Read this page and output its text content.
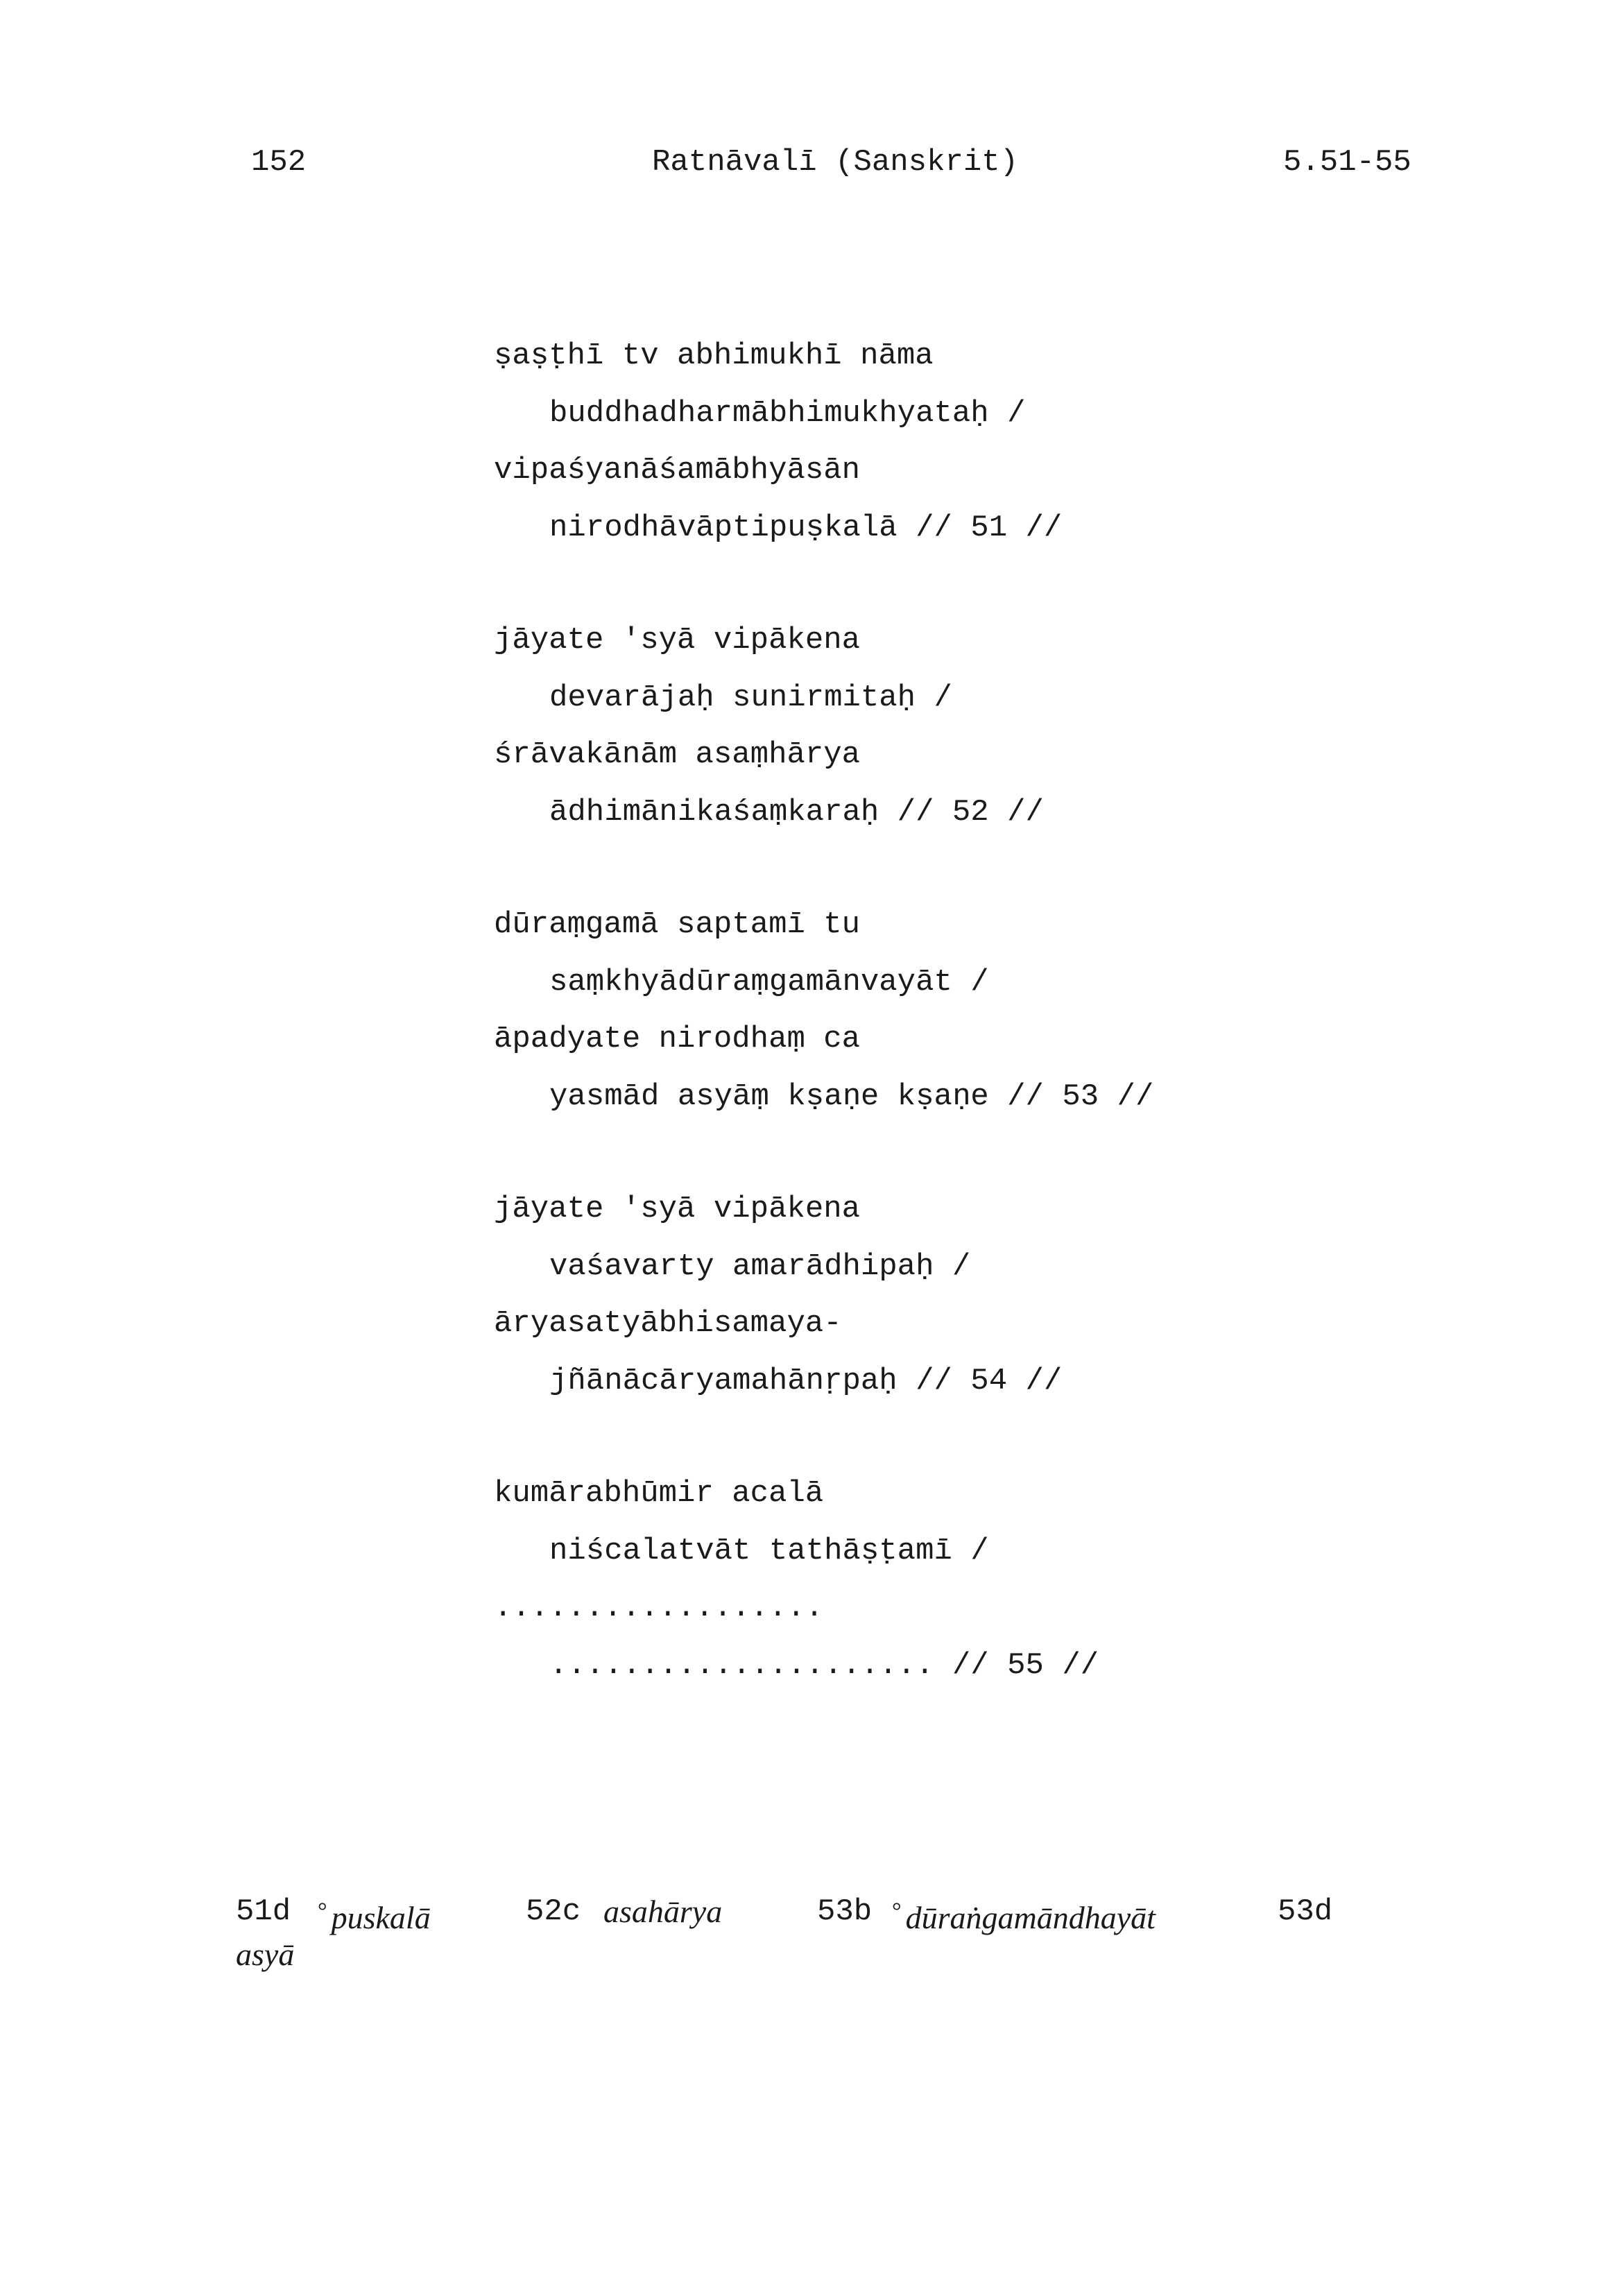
152	Ratnāvalī (Sanskrit)	5.51-55
ṣaṣṭhī tv abhimukhī nāma
buddhadharmābhimukhyataḥ /
vipaśyanāśamābhyāsān
nirodhāvāptipuṣkalā // 51 //
jāyate 'syā vipākena
devarājaḥ sunirmitaḥ /
śrāvakānām asaṃhārya
ādhimānikaśaṃkaraḥ // 52 //
dūraṃgamā saptamī tu
saṃkhyādūraṃgamānvayāt /
āpadyate nirodhaṃ ca
yasmād asyāṃ kṣaṇe kṣaṇe // 53 //
jāyate 'syā vipākena
vaśavarty amarādhipaḥ /
āryasatyābhisamaya-
jñānācāryamahānṛpaḥ // 54 //
kumārabhūmir acalā
niścalatvāt tathāṣṭamī /
..................
..................... // 55 //
51d ° puskalā	52c asahārya	53b ° dūraṅgamāndhayāt	53d
asyā
